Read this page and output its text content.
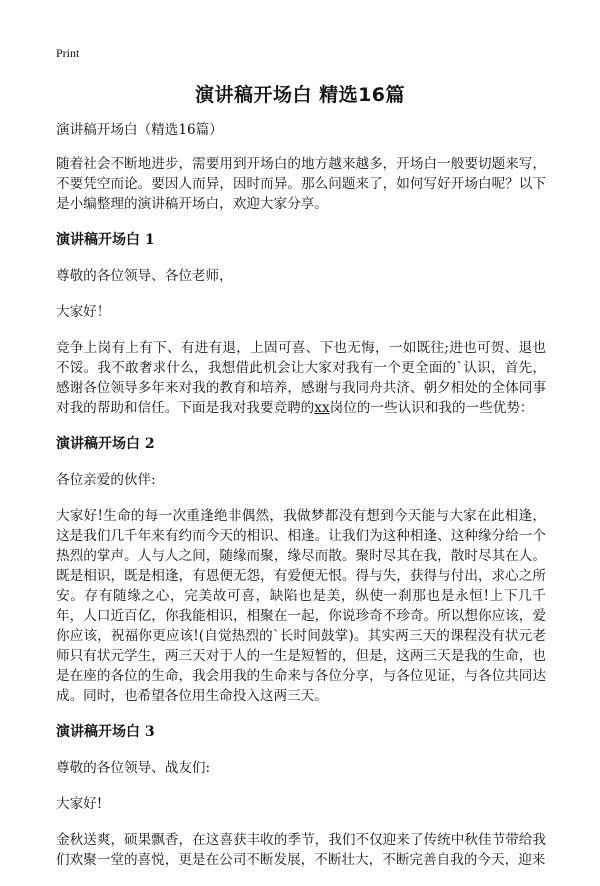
Print
演讲稿开场白 精选16篇

演讲稿开场白（精选16篇）

随着社会不断地进步，需要用到开场白的地方越来越多，开场白一般要切题来写，不要凭空而论。要因人而异，因时而异。那么问题来了，如何写好开场白呢？以下是小编整理的演讲稿开场白，欢迎大家分享。

演讲稿开场白 1

尊敬的各位领导、各位老师，

大家好！

竞争上岗有上有下、有进有退，上固可喜、下也无悔，一如既往;进也可贺、退也不馁。我不敢奢求什么，我想借此机会让大家对我有一个更全面的`认识，首先，感谢各位领导多年来对我的教育和培养，感谢与我同舟共济、朝夕相处的全体同事对我的帮助和信任。下面是我对我要竞聘的xx岗位的一些认识和我的一些优势：

演讲稿开场白 2

各位亲爱的伙伴:

大家好!生命的每一次重逢绝非偶然，我做梦都没有想到今天能与大家在此相逢，这是我们几千年来有约而今天的相识、相逢。让我们为这种相逢、这种缘分给一个热烈的掌声。人与人之间，随缘而聚，缘尽而散。聚时尽其在我，散时尽其在人。既是相识，既是相逢，有恩便无怨，有爱便无恨。得与失，获得与付出，求心之所安。存有随缘之心，完美故可喜，缺陷也是美，纵使一刹那也是永恒!上下几千年，人口近百亿，你我能相识，相聚在一起，你说珍奇不珍奇。所以想你应该，爱你应该，祝福你更应该!(自觉热烈的`长时间鼓掌)。其实两三天的课程没有状元老师只有状元学生，两三天对于人的一生是短暂的，但是，这两三天是我的生命，也是在座的各位的生命，我会用我的生命来与各位分享，与各位见证，与各位共同达成。同时，也希望各位用生命投入这两三天。

演讲稿开场白 3

尊敬的各位领导、战友们:

大家好!

金秋送爽，硕果飘香，在这喜获丰收的季节，我们不仅迎来了传统中秋佳节带给我们欢聚一堂的喜悦，更是在公司不断发展，不断壮大，不断完善自我的今天，迎来
